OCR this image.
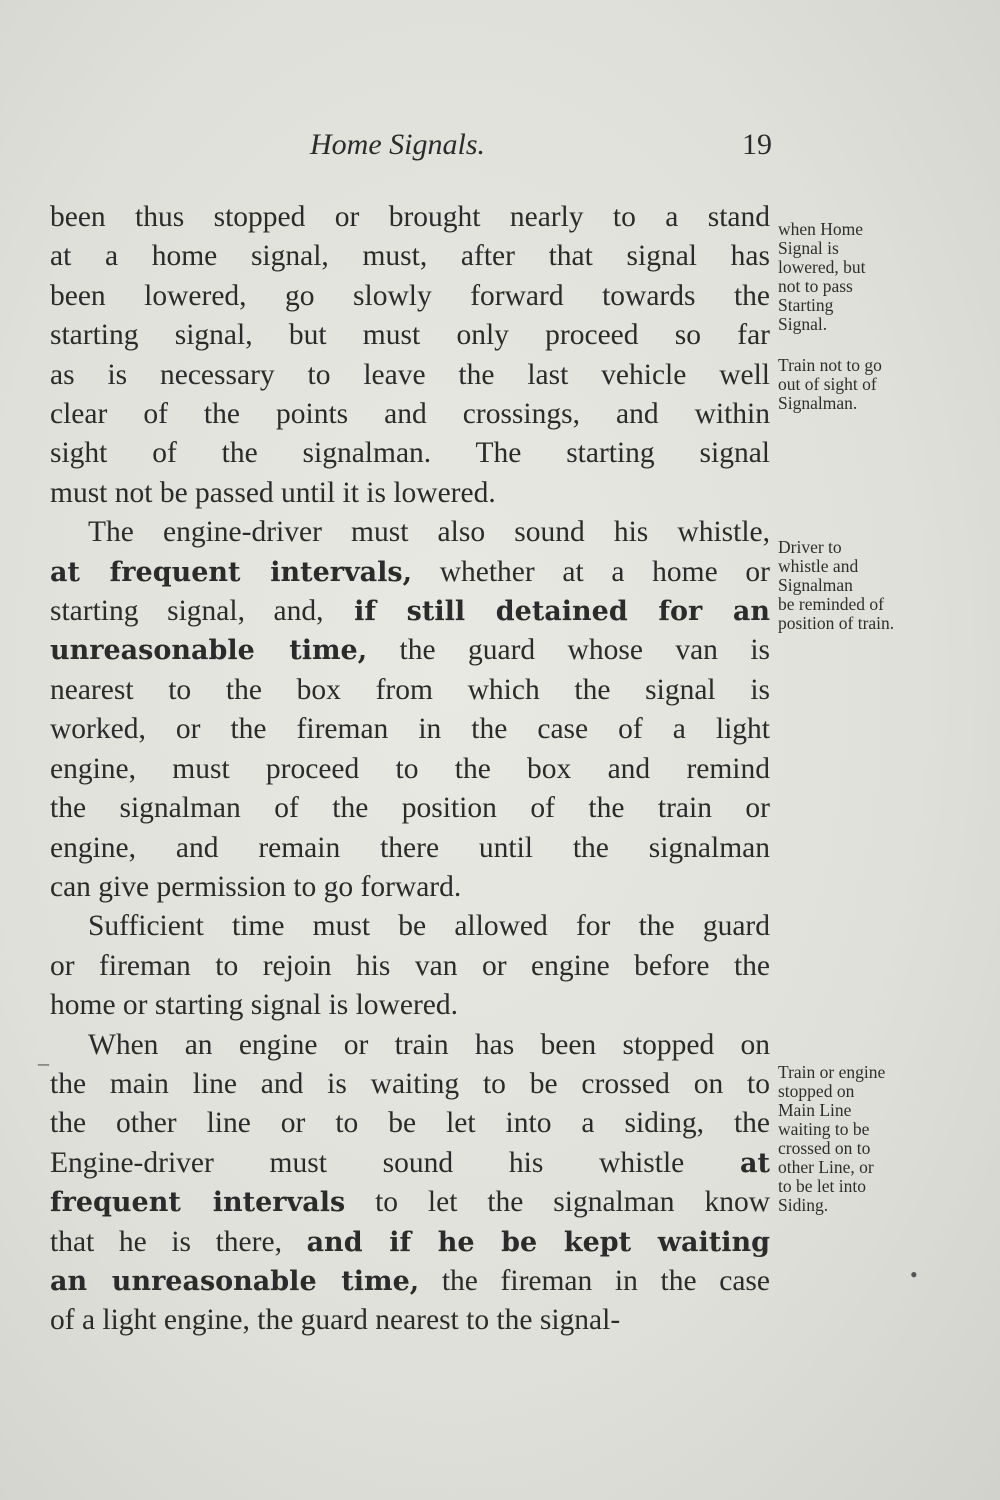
Home Signals.	19
been thus stopped or brought nearly to a stand
at a home signal, must, after that signal has
been lowered, go slowly forward towards the
starting signal, but must only proceed so far
as is necessary to leave the last vehicle well
clear of the points and crossings, and within
sight of the signalman. The starting signal
must not be passed until it is lowered.
The engine-driver must also sound his whistle,
at frequent intervals, whether at a home or
starting signal, and, if still detained for an
unreasonable time, the guard whose van is
nearest to the box from which the signal is
worked, or the fireman in the case of a light
engine, must proceed to the box and remind
the signalman of the position of the train or
engine, and remain there until the signalman
can give permission to go forward.
Sufficient time must be allowed for the guard
or fireman to rejoin his van or engine before the
home or starting signal is lowered.
When an engine or train has been stopped on
the main line and is waiting to be crossed on to
the other line or to be let into a siding, the
Engine-driver must sound his whistle at
frequent intervals to let the signalman know
that he is there, and if he be kept waiting
an unreasonable time, the fireman in the case
of a light engine, the guard nearest to the signal-
when Home
Signal is
lowered, but
not to pass
Starting
Signal.
Train not to go
out of sight of
Signalman.
Driver to
whistle and
Signalman
be reminded of
position of train.
Train or engine
stopped on
Main Line
waiting to be
crossed on to
other Line, or
to be let into
Siding.
–
•
